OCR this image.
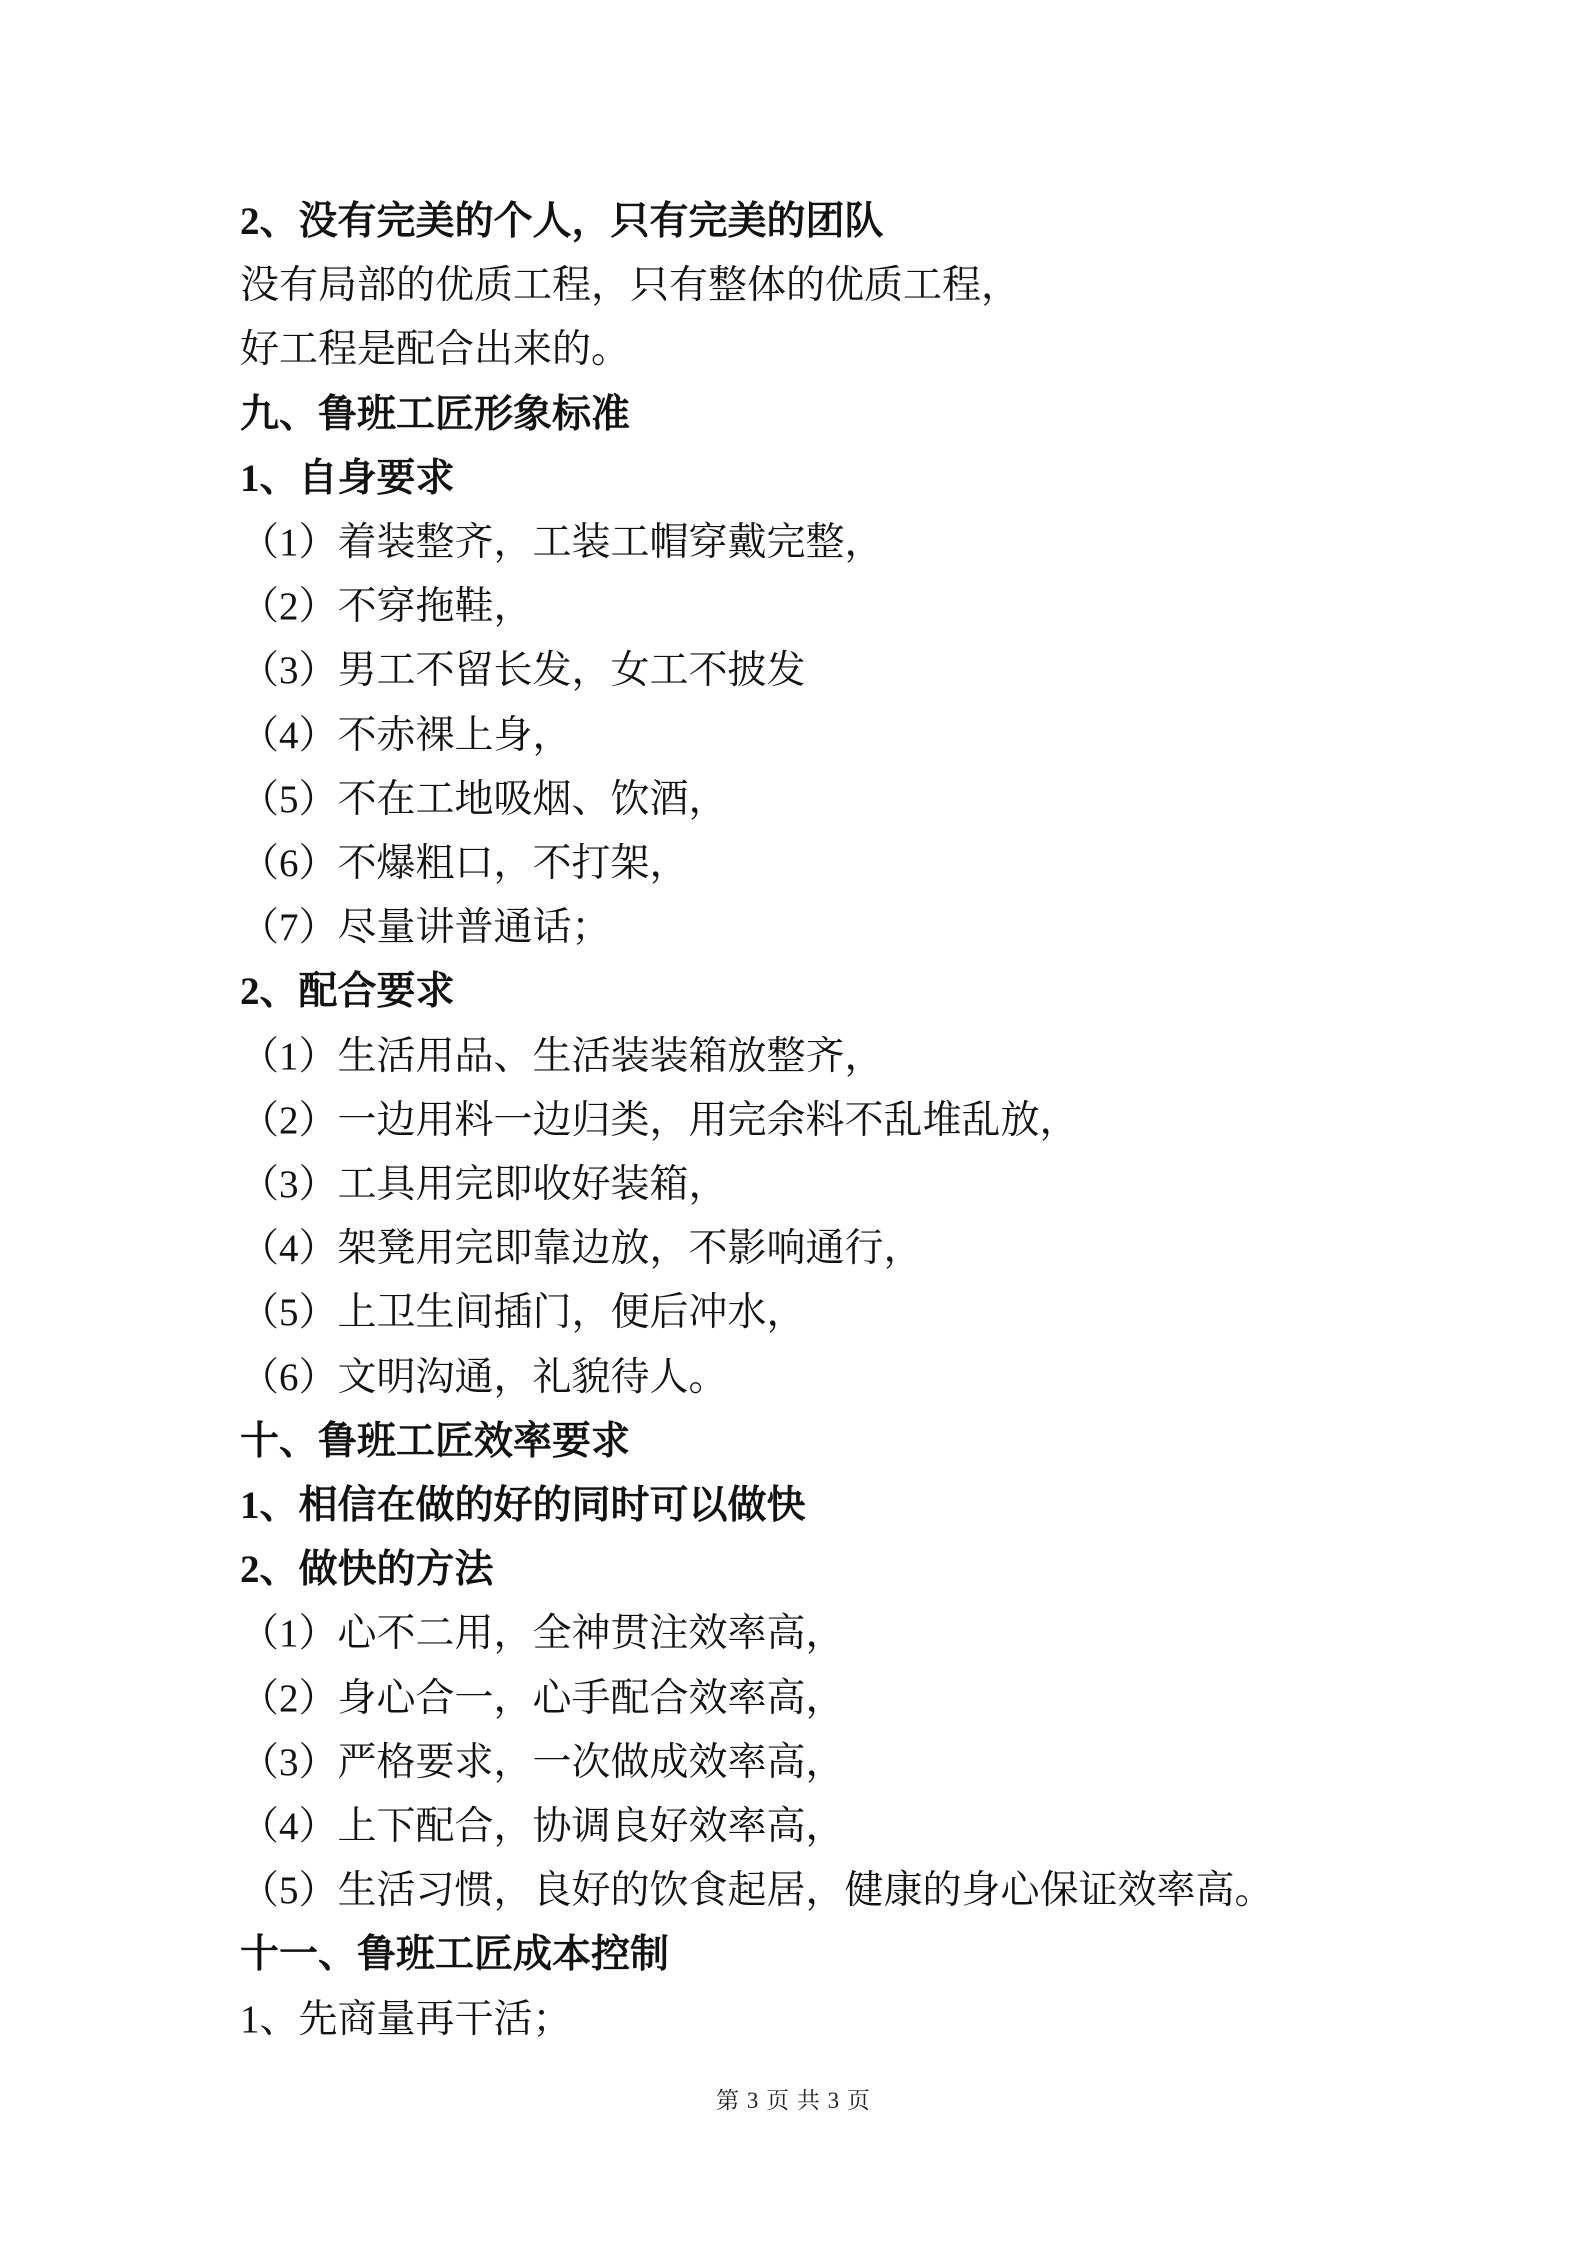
2、没有完美的个人，只有完美的团队

没有局部的优质工程，只有整体的优质工程，

好工程是配合出来的。

九、鲁班工匠形象标准

1、自身要求

（1）着装整齐，工装工帽穿戴完整，

（2）不穿拖鞋，

（3）男工不留长发，女工不披发

（4）不赤裸上身，

（5）不在工地吸烟、饮酒，

（6）不爆粗口，不打架，

（7）尽量讲普通话；

2、配合要求

（1）生活用品、生活装装箱放整齐，

（2）一边用料一边归类，用完余料不乱堆乱放，

（3）工具用完即收好装箱，

（4）架凳用完即靠边放，不影响通行，

（5）上卫生间插门，便后冲水，

（6）文明沟通，礼貌待人。

十、鲁班工匠效率要求

1、相信在做的好的同时可以做快

2、做快的方法

（1）心不二用，全神贯注效率高，

（2）身心合一，心手配合效率高，

（3）严格要求，一次做成效率高，

（4）上下配合，协调良好效率高，

（5）生活习惯，良好的饮食起居，健康的身心保证效率高。

十一、鲁班工匠成本控制

1、先商量再干活；

第 3 页 共 3 页
